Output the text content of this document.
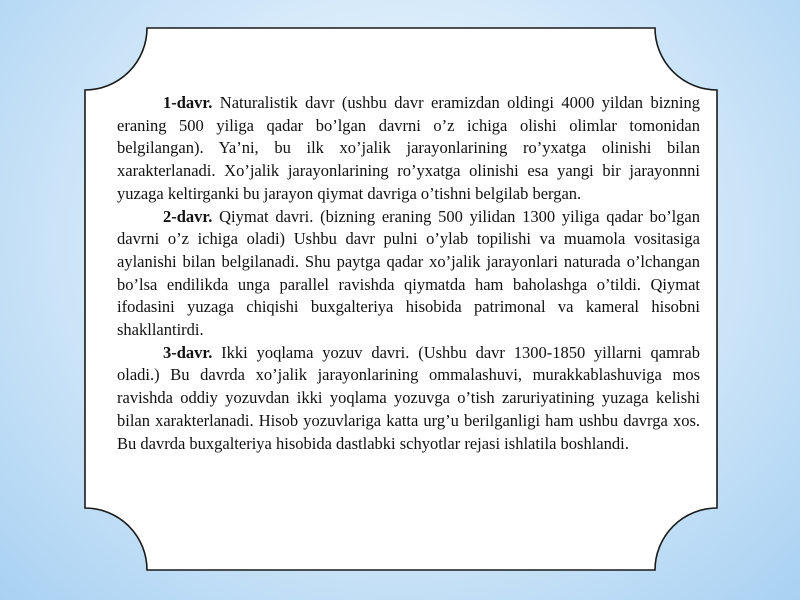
1-davr. Naturalistik davr (ushbu davr eramizdan oldingi 4000 yildan bizning eraning 500 yiliga qadar bo’lgan davrni o’z ichiga olishi olimlar tomonidan belgilangan). Ya’ni, bu ilk xo’jalik jarayonlarining ro’yxatga olinishi bilan xarakterlanadi. Xo’jalik jarayonlarining ro’yxatga olinishi esa yangi bir jarayonnni yuzaga keltirganki bu jarayon qiymat davriga o’tishni belgilab bergan.

2-davr. Qiymat davri. (bizning eraning 500 yilidan 1300 yiliga qadar bo’lgan davrni o’z ichiga oladi) Ushbu davr pulni o’ylab topilishi va muamola vositasiga aylanishi bilan belgilanadi. Shu paytga qadar xo’jalik jarayonlari naturada o’lchangan bo’lsa endilikda unga parallel ravishda qiymatda ham baholashga o’tildi. Qiymat ifodasini yuzaga chiqishi buxgalteriya hisobida patrimonal va kameral hisobni shakllantirdi.

3-davr. Ikki yoqlama yozuv davri. (Ushbu davr 1300-1850 yillarni qamrab oladi.) Bu davrda xo’jalik jarayonlarining ommalashuvi, murakkablashuviga mos ravishda oddiy yozuvdan ikki yoqlama yozuvga o’tish zaruriyatining yuzaga kelishi bilan xarakterlanadi. Hisob yozuvlariga katta urg’u berilganligi ham ushbu davrga xos. Bu davrda buxgalteriya hisobida dastlabki schyotlar rejasi ishlatila boshlandi.
